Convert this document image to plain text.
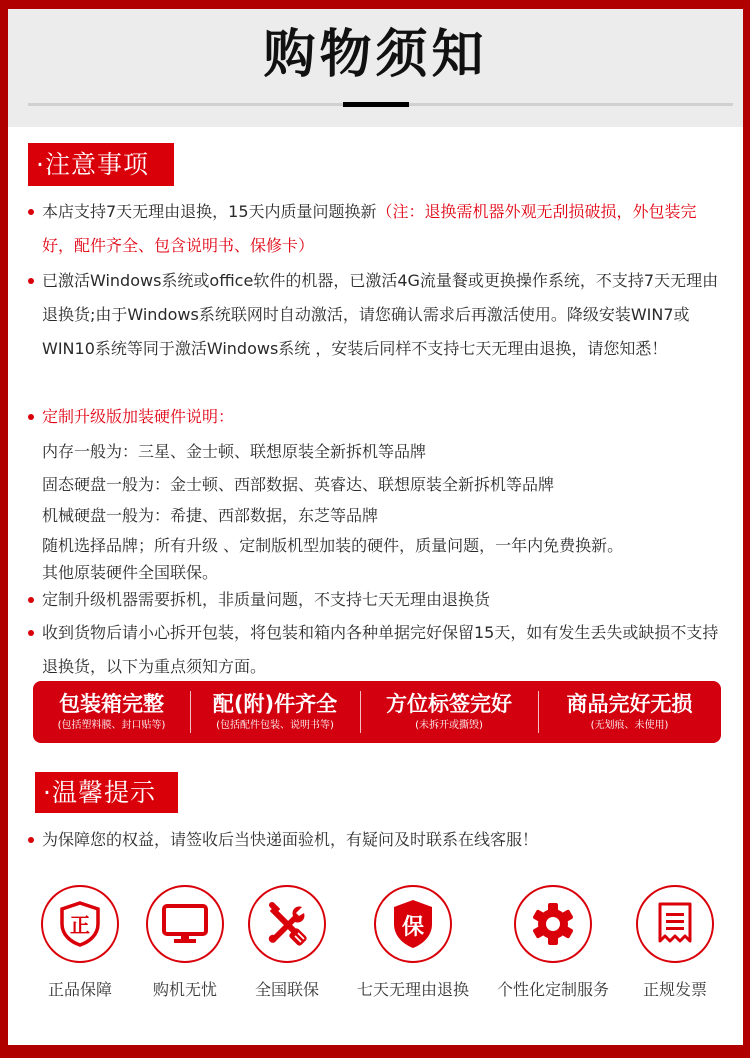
购物须知
·注意事项
本店支持7天无理由退换，15天内质量问题换新（注：退换需机器外观无刮损破损，外包装完好，配件齐全、包含说明书、保修卡）
已激活Windows系统或office软件的机器，已激活4G流量餐或更换操作系统，不支持7天无理由退换货;由于Windows系统联网时自动激活，请您确认需求后再激活使用。降级安装WIN7或WIN10系统等同于激活Windows系统 ，安装后同样不支持七天无理由退换，请您知悉！
定制升级版加装硬件说明：
内存一般为：三星、金士顿、联想原装全新拆机等品牌
固态硬盘一般为：金士顿、西部数据、英睿达、联想原装全新拆机等品牌
机械硬盘一般为：希捷、西部数据，东芝等品牌
随机选择品牌；所有升级 、定制版机型加装的硬件，质量问题，一年内免费换新。
其他原装硬件全国联保。
定制升级机器需要拆机，非质量问题，不支持七天无理由退换货
收到货物后请小心拆开包装，将包装和箱内各种单据完好保留15天，如有发生丢失或缺损不支持退换货，以下为重点须知方面。
包装箱完整
(包括塑料膜、封口贴等)
配(附)件齐全
(包括配件包装、说明书等)
方位标签完好
(未拆开或撕毁)
商品完好无损
(无划痕、未使用)
·温馨提示
为保障您的权益，请签收后当快递面验机，有疑问及时联系在线客服！
正
正品保障	购机无忧 全国联保
保
七天无理由退换 个性化定制服务 正规发票
